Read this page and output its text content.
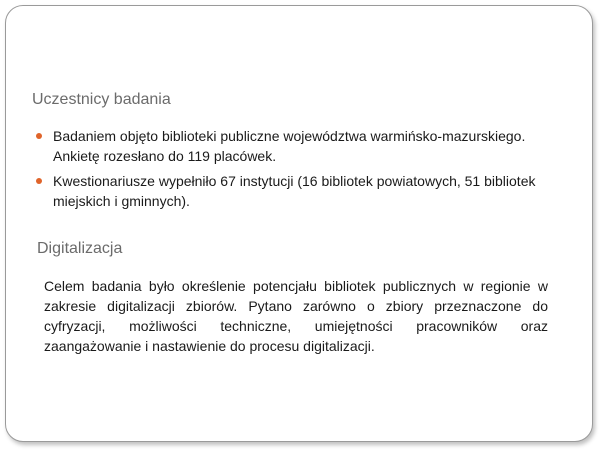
Uczestnicy badania
Badaniem objęto biblioteki publiczne województwa warmińsko-mazurskiego. Ankietę rozesłano do 119 placówek.
Kwestionariusze wypełniło 67 instytucji (16 bibliotek powiatowych, 51 bibliotek miejskich i gminnych).
Digitalizacja

Celem badania było określenie potencjału bibliotek publicznych w regionie w zakresie digitalizacji zbiorów. Pytano zarówno o zbiory przeznaczone do cyfryzacji, możliwości techniczne, umiejętności pracowników oraz zaangażowanie i nastawienie do procesu digitalizacji.
